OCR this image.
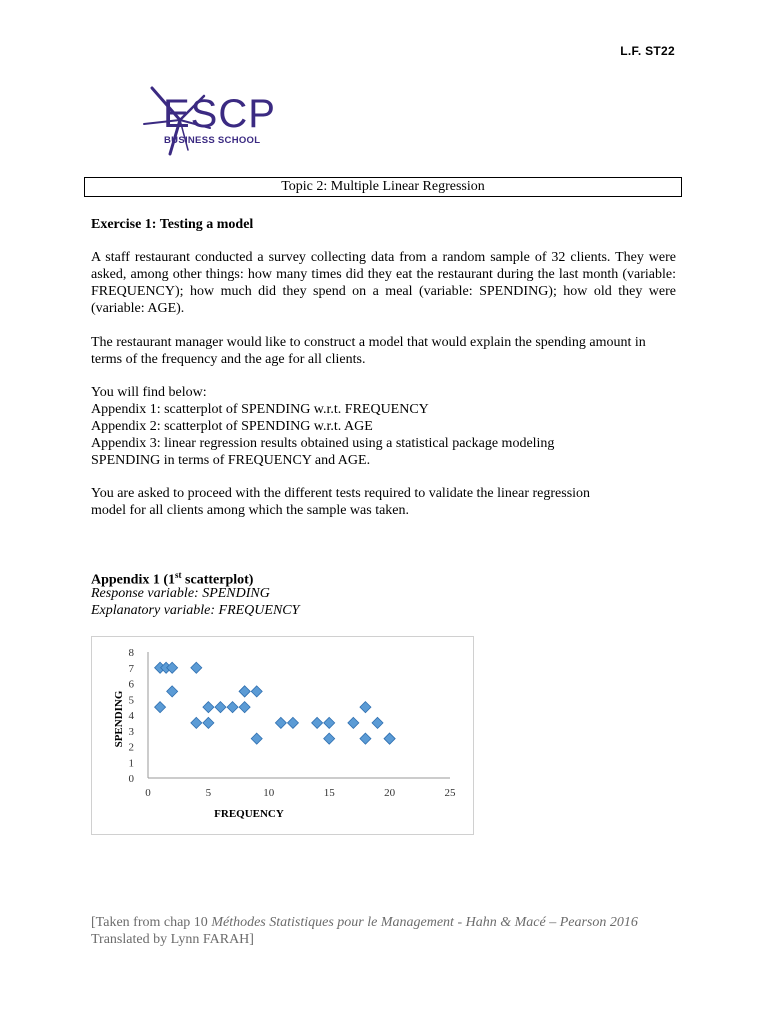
L.F. ST22
ESCP
BUSINESS SCHOOL
Topic 2: Multiple Linear Regression
Exercise 1: Testing a model
A staff restaurant conducted a survey collecting data from a random sample of 32 clients. They were asked, among other things: how many times did they eat the restaurant during the last month (variable: FREQUENCY); how much did they spend on a meal (variable: SPENDING); how old they were (variable: AGE).
The restaurant manager would like to construct a model that would explain the spending amount in terms of the frequency and the age for all clients.
You will find below:
Appendix 1: scatterplot of SPENDING w.r.t. FREQUENCY
Appendix 2: scatterplot of SPENDING w.r.t. AGE
Appendix 3: linear regression results obtained using a statistical package modeling SPENDING in terms of FREQUENCY and AGE.
You are asked to proceed with the different tests required to validate the linear regression model for all clients among which the sample was taken.
Appendix 1 (1st scatterplot)
Response variable: SPENDING
Explanatory variable: FREQUENCY
0
1
2
3
4
5
6
7
8
0	5	10	15	20	25
FREQUENCY
SPENDING
[Taken from chap 10 Méthodes Statistiques pour le Management - Hahn & Macé – Pearson 2016
Translated by Lynn FARAH]
